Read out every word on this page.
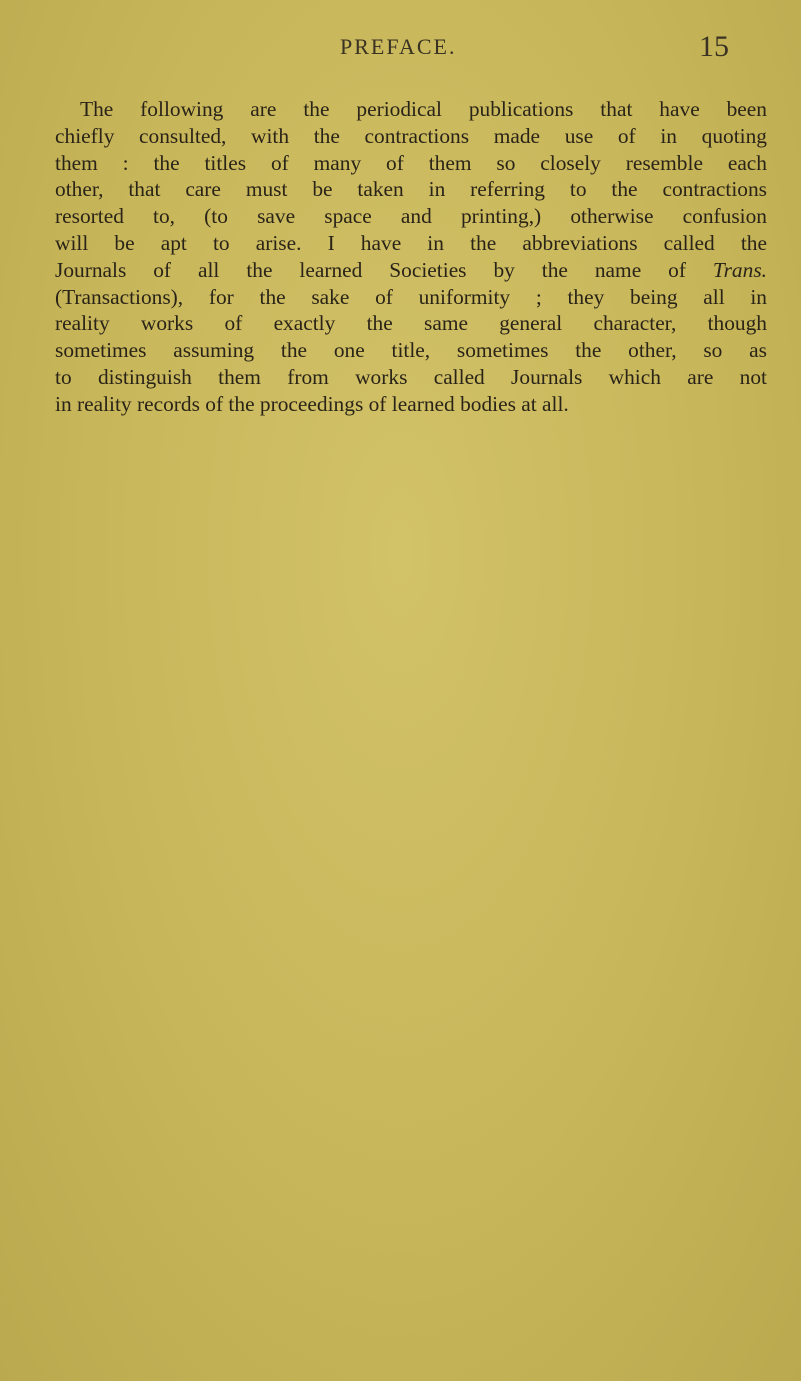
PREFACE.	15

The following are the periodical publications that have been
chiefly consulted, with the contractions made use of in quoting
them : the titles of many of them so closely resemble each
other, that care must be taken in referring to the contractions
resorted to, (to save space and printing,) otherwise confusion
will be apt to arise. I have in the abbreviations called the
Journals of all the learned Societies by the name of Trans.
(Transactions), for the sake of uniformity ; they being all in
reality works of exactly the same general character, though
sometimes assuming the one title, sometimes the other, so as
to distinguish them from works called Journals which are not
in reality records of the proceedings of learned bodies at all.
